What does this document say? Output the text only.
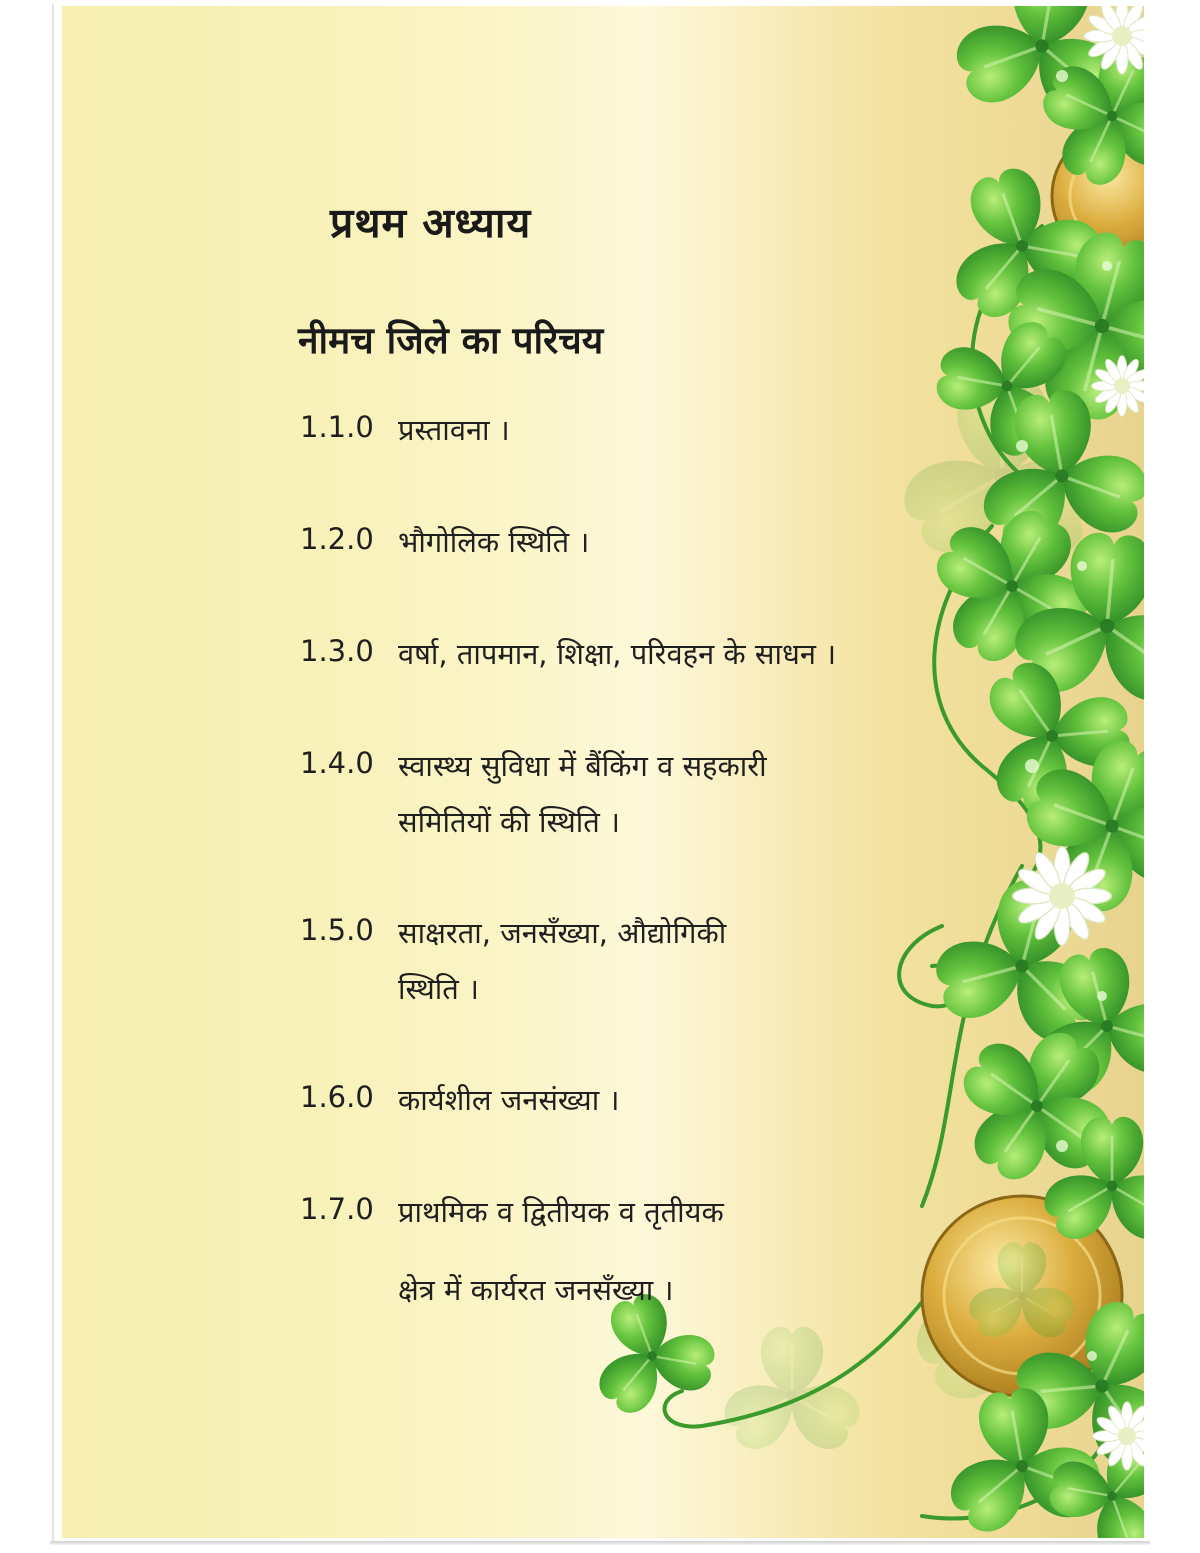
प्रथम अध्याय
नीमच जिले का परिचय
1.1.0 प्रस्तावना ।
1.2.0 भौगोलिक स्थिति ।
1.3.0 वर्षा, तापमान, शिक्षा, परिवहन के साधन ।
1.4.0 स्वास्थ्य सुविधा में बैंकिंग व सहकारी
समितियों की स्थिति ।
1.5.0 साक्षरता, जनसँख्या, औद्योगिकी
स्थिति ।
1.6.0 कार्यशील जनसंख्या ।
1.7.0 प्राथमिक व द्वितीयक व तृतीयक
क्षेत्र में कार्यरत जनसँख्या ।
